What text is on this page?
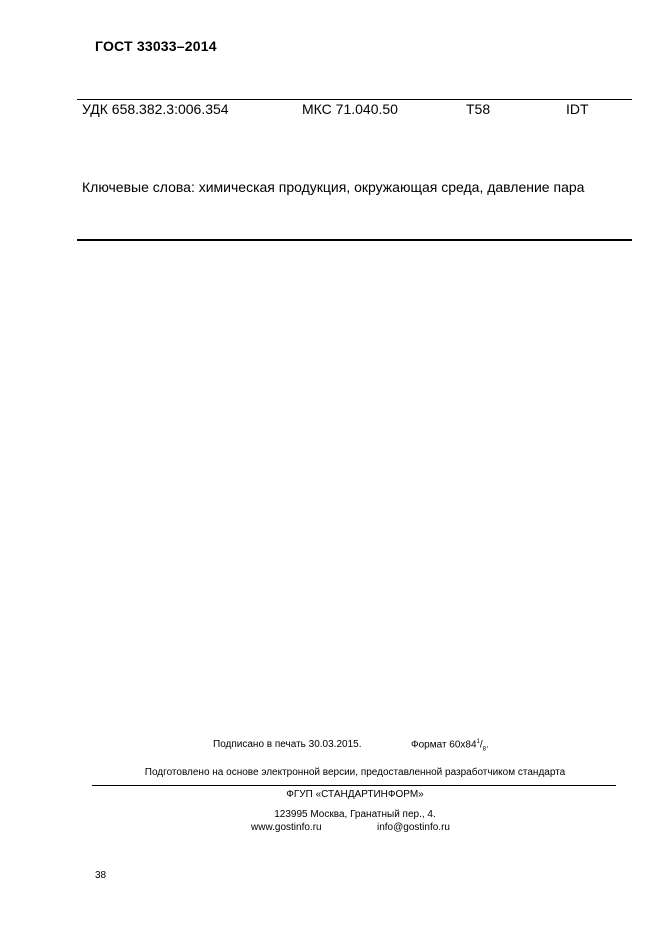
ГОСТ 33033–2014
УДК 658.382.3:006.354	МКС 71.040.50	Т58	IDT
Ключевые слова: химическая продукция, окружающая среда, давление пара
Подписано в печать 30.03.2015.	Формат $60x84^1/_8$.
Подготовлено на основе электронной версии, предоставленной разработчиком стандарта
ФГУП «СТАНДАРТИНФОРМ»
123995 Москва, Гранатный пер., 4.
www.gostinfo.ru	info@gostinfo.ru
38
